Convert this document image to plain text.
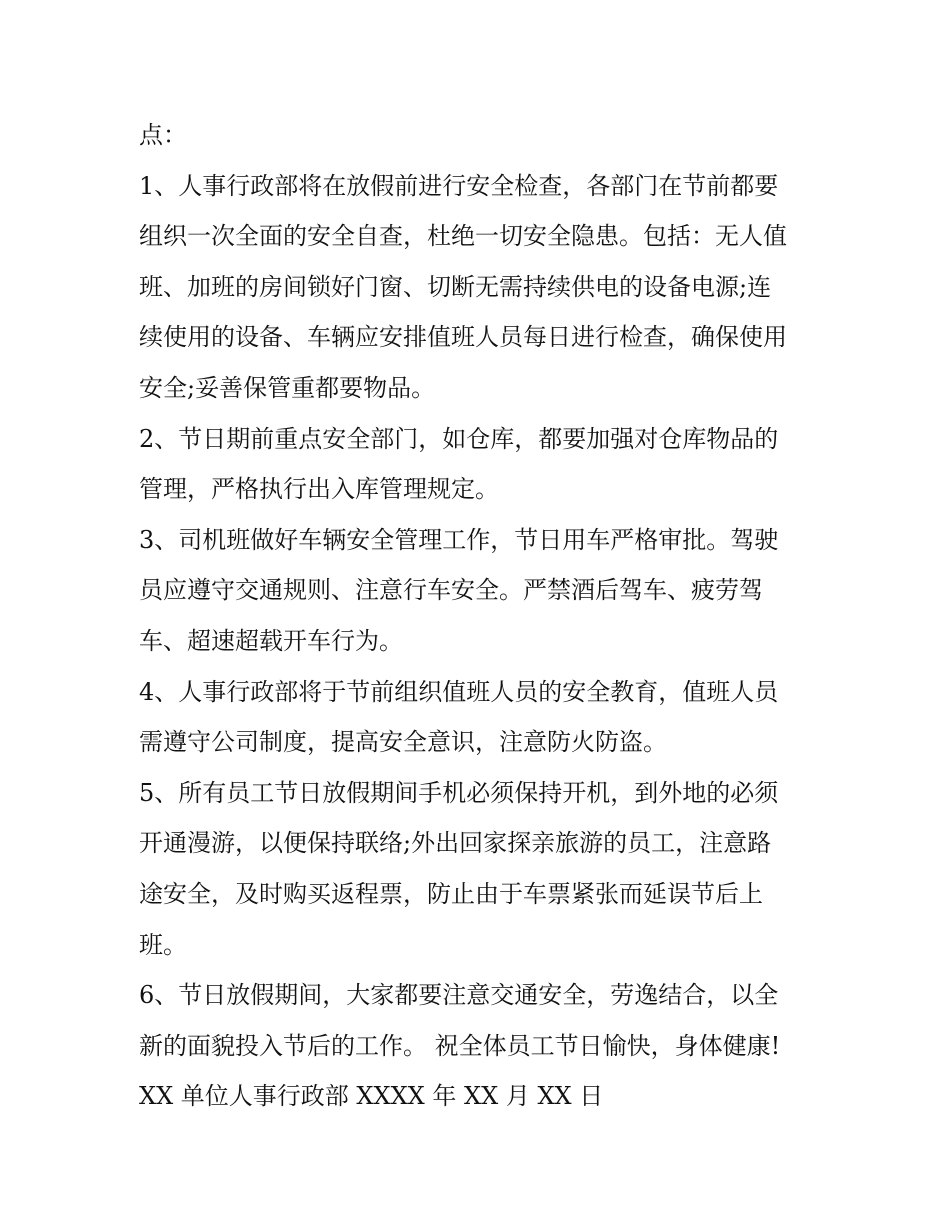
点：
1、人事行政部将在放假前进行安全检查，各部门在节前都要
组织一次全面的安全自查，杜绝一切安全隐患。包括：无人值
班、加班的房间锁好门窗、切断无需持续供电的设备电源;连
续使用的设备、车辆应安排值班人员每日进行检查，确保使用
安全;妥善保管重都要物品。
2、节日期前重点安全部门，如仓库，都要加强对仓库物品的
管理，严格执行出入库管理规定。
3、司机班做好车辆安全管理工作，节日用车严格审批。驾驶
员应遵守交通规则、注意行车安全。严禁酒后驾车、疲劳驾
车、超速超载开车行为。
4、人事行政部将于节前组织值班人员的安全教育，值班人员
需遵守公司制度，提高安全意识，注意防火防盗。
5、所有员工节日放假期间手机必须保持开机，到外地的必须
开通漫游，以便保持联络;外出回家探亲旅游的员工，注意路
途安全，及时购买返程票，防止由于车票紧张而延误节后上
班。
6、节日放假期间，大家都要注意交通安全，劳逸结合，以全
新的面貌投入节后的工作。 祝全体员工节日愉快，身体健康!
XX 单位人事行政部 XXXX 年 XX 月 XX 日
